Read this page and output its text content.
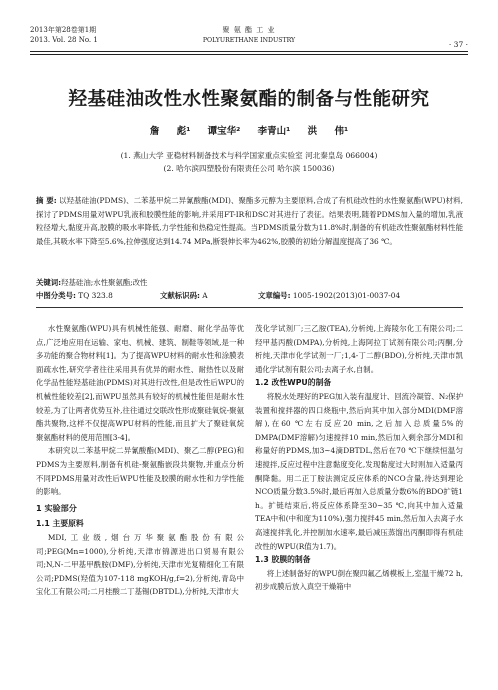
2013年第28卷第1期
2013. Vol. 28 No. 1
聚 氨 酯 工 业
POLYURETHANE INDUSTRY	· 37 ·
羟基硅油改性水性聚氨酯的制备与性能研究
詹 彪¹ 谭宝华² 李青山¹ 洪 伟¹
(1. 燕山大学 亚稳材料制备技术与科学国家重点实验室 河北秦皇岛 066004)
(2. 哈尔滨四塑股份有限责任公司 哈尔滨 150036)
摘 要: 以羟基硅油(PDMS)、二苯基甲烷二异氰酸酯(MDI)、聚酯多元醇为主要原料,合成了有机硅改性的水性聚氨酯(WPU)材料,探讨了PDMS用量对WPU乳液和胶膜性能的影响,并采用FT-IR和DSC对其进行了表征。结果表明,随着PDMS加入量的增加,乳液粒径增大,黏度升高,胶膜的吸水率降低,力学性能和热稳定性提高。当PDMS质量分数为11.8%时,制备的有机硅改性聚氨酯材料性能最佳,其吸水率下降至5.6%,拉伸强度达到14.74 MPa,断裂伸长率为462%,胶膜的初始分解温度提高了36 ℃。
关键词:羟基硅油;水性聚氨酯;改性
中图分类号: TQ 323.8	文献标识码: A	文章编号: 1005-1902(2013)01-0037-04

水性聚氨酯(WPU)具有机械性能强、耐磨、耐化学品等优点,广泛地应用在运输、家电、机械、建筑、制鞋等领域,是一种多功能的聚合物材料[1]。为了提高WPU材料的耐水性和涂膜表面疏水性,研究学者往往采用具有优异的耐水性、耐热性以及耐化学品性能羟基硅油(PDMS)对其进行改性,但是改性后WPU的机械性能较差[2],而WPU虽然具有较好的机械性能但是耐水性较差,为了让两者优势互补,往往通过交联改性形成聚硅氧烷-聚氨酯共聚物,这样不仅提高WPU材料的性能,而且扩大了聚硅氧烷聚氨酯材料的使用范围[3-4]。

本研究以二苯基甲烷二异氰酸酯(MDI)、聚乙二醇(PEG)和PDMS为主要原料,制备有机硅-聚氨酯嵌段共聚物,并重点分析不同PDMS用量对改性后WPU性能及胶膜的耐水性和力学性能的影响。

1 实验部分

1.1 主要原料

MDI,工业级,烟台万华聚氨酯股份有限公司;PEG(Mn=1000),分析纯,天津市锦源进出口贸易有限公司;N,N-二甲基甲酰胺(DMF),分析纯,天津市光复精细化工有限公司;PDMS(羟值为107-118 mgKOH/g,f=2),分析纯,青岛中宝化工有限公司;二月桂酸二丁基锡(DBTDL),分析纯,天津市大

茂化学试剂厂;三乙胺(TEA),分析纯,上海陵尔化工有限公司;二羟甲基丙酸(DMPA),分析纯,上海阿拉丁试剂有限公司;丙酮,分析纯,天津市化学试剂一厂;1,4-丁二醇(BDO),分析纯,天津市凯通化学试剂有限公司;去离子水,自制。

1.2 改性WPU的制备

将脱水处理好的PEG加入装有温度计、回流冷凝管、N₂保护装置和搅拌器的四口烧瓶中,然后向其中加入部分MDI(DMF溶解),在60 ℃左右反应20 min,之后加入总质量5%的DMPA(DMF溶解)匀速搅拌10 min,然后加入剩余部分MDI和称量好的PDMS,加3~4滴DBTDL,然后在70 ℃下继续恒温匀速搅拌,反应过程中注意黏度变化,发现黏度过大时则加入适量丙酮降黏。用二正丁胺法测定反应体系的NCO含量,待达到理论NCO质量分数3.5%时,最后再加入总质量分数6%的BDO扩链1 h。扩链结束后,将反应体系降至30~35 ℃,向其中加入适量TEA中和(中和度为110%),强力搅拌45 min,然后加入去离子水高速搅拌乳化,并控制加水速率,最后减压蒸馏出丙酮即得有机硅改性的WPU(R值为1.7)。

1.3 胶膜的制备

将上述制备好的WPU倒在聚四氟乙烯模板上,室温干燥72 h,初步成膜后放入真空干燥箱中
